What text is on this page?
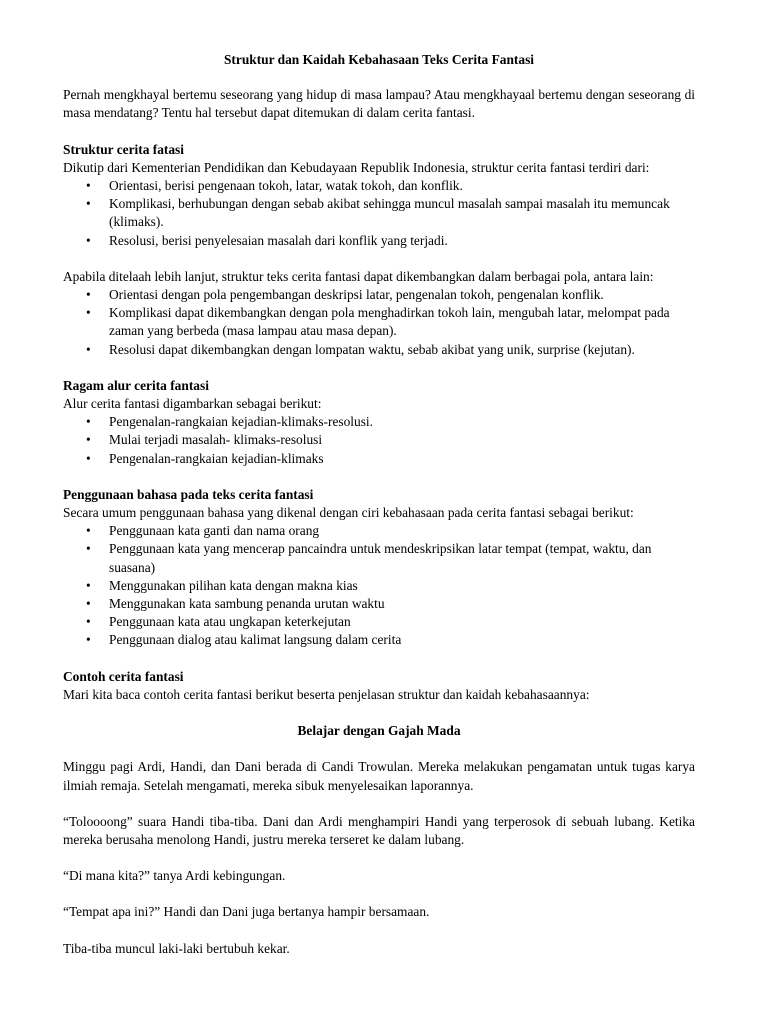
Struktur dan Kaidah Kebahasaan Teks Cerita Fantasi

Pernah mengkhayal bertemu seseorang yang hidup di masa lampau? Atau mengkhayaal bertemu dengan seseorang di masa mendatang? Tentu hal tersebut dapat ditemukan di dalam cerita fantasi.

Struktur cerita fatasi

Dikutip dari Kementerian Pendidikan dan Kebudayaan Republik Indonesia, struktur cerita fantasi terdiri dari:

• Orientasi, berisi pengenaan tokoh, latar, watak tokoh, dan konflik.
• Komplikasi, berhubungan dengan sebab akibat sehingga muncul masalah sampai masalah itu memuncak (klimaks).
• Resolusi, berisi penyelesaian masalah dari konflik yang terjadi.

Apabila ditelaah lebih lanjut, struktur teks cerita fantasi dapat dikembangkan dalam berbagai pola, antara lain:

• Orientasi dengan pola pengembangan deskripsi latar, pengenalan tokoh, pengenalan konflik.
• Komplikasi dapat dikembangkan dengan pola menghadirkan tokoh lain, mengubah latar, melompat pada zaman yang berbeda (masa lampau atau masa depan).
• Resolusi dapat dikembangkan dengan lompatan waktu, sebab akibat yang unik, surprise (kejutan).
Ragam alur cerita fantasi

Alur cerita fantasi digambarkan sebagai berikut:

• Pengenalan-rangkaian kejadian-klimaks-resolusi.
• Mulai terjadi masalah- klimaks-resolusi
• Pengenalan-rangkaian kejadian-klimaks
Penggunaan bahasa pada teks cerita fantasi

Secara umum penggunaan bahasa yang dikenal dengan ciri kebahasaan pada cerita fantasi sebagai berikut:

• Penggunaan kata ganti dan nama orang
• Penggunaan kata yang mencerap pancaindra untuk mendeskripsikan latar tempat (tempat, waktu, dan suasana)
• Menggunakan pilihan kata dengan makna kias
• Menggunakan kata sambung penanda urutan waktu
• Penggunaan kata atau ungkapan keterkejutan
• Penggunaan dialog atau kalimat langsung dalam cerita
Contoh cerita fantasi

Mari kita baca contoh cerita fantasi berikut beserta penjelasan struktur dan kaidah kebahasaannya:

Belajar dengan Gajah Mada

Minggu pagi Ardi, Handi, dan Dani berada di Candi Trowulan. Mereka melakukan pengamatan untuk tugas karya ilmiah remaja. Setelah mengamati, mereka sibuk menyelesaikan laporannya.

“Toloooong” suara Handi tiba-tiba. Dani dan Ardi menghampiri Handi yang terperosok di sebuah lubang. Ketika mereka berusaha menolong Handi, justru mereka terseret ke dalam lubang.

“Di mana kita?” tanya Ardi kebingungan.

“Tempat apa ini?” Handi dan Dani juga bertanya hampir bersamaan.

Tiba-tiba muncul laki-laki bertubuh kekar.
